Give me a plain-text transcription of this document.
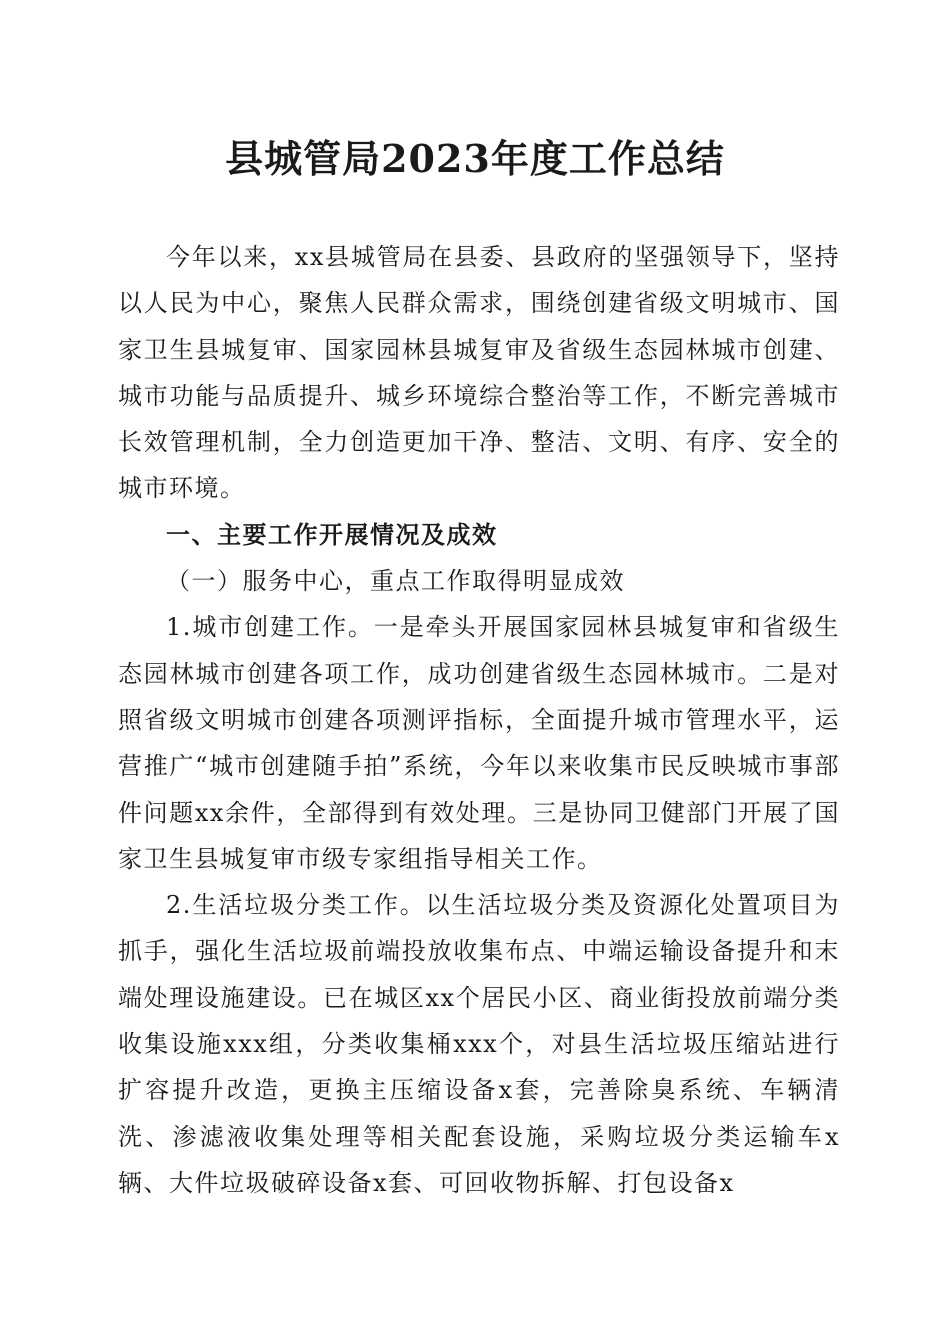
县城管局2023年度工作总结

今年以来，xx县城管局在县委、县政府的坚强领导下，坚持以人民为中心，聚焦人民群众需求，围绕创建省级文明城市、国家卫生县城复审、国家园林县城复审及省级生态园林城市创建、城市功能与品质提升、城乡环境综合整治等工作，不断完善城市长效管理机制，全力创造更加干净、整洁、文明、有序、安全的城市环境。

一、主要工作开展情况及成效

（一）服务中心，重点工作取得明显成效

1.城市创建工作。一是牵头开展国家园林县城复审和省级生态园林城市创建各项工作，成功创建省级生态园林城市。二是对照省级文明城市创建各项测评指标，全面提升城市管理水平，运营推广“城市创建随手拍”系统，今年以来收集市民反映城市事部件问题xx余件，全部得到有效处理。三是协同卫健部门开展了国家卫生县城复审市级专家组指导相关工作。

2.生活垃圾分类工作。以生活垃圾分类及资源化处置项目为抓手，强化生活垃圾前端投放收集布点、中端运输设备提升和末端处理设施建设。已在城区xx个居民小区、商业街投放前端分类收集设施xxx组，分类收集桶xxx个，对县生活垃圾压缩站进行扩容提升改造，更换主压缩设备x套，完善除臭系统、车辆清洗、渗滤液收集处理等相关配套设施，采购垃圾分类运输车x辆、大件垃圾破碎设备x套、可回收物拆解、打包设备x
